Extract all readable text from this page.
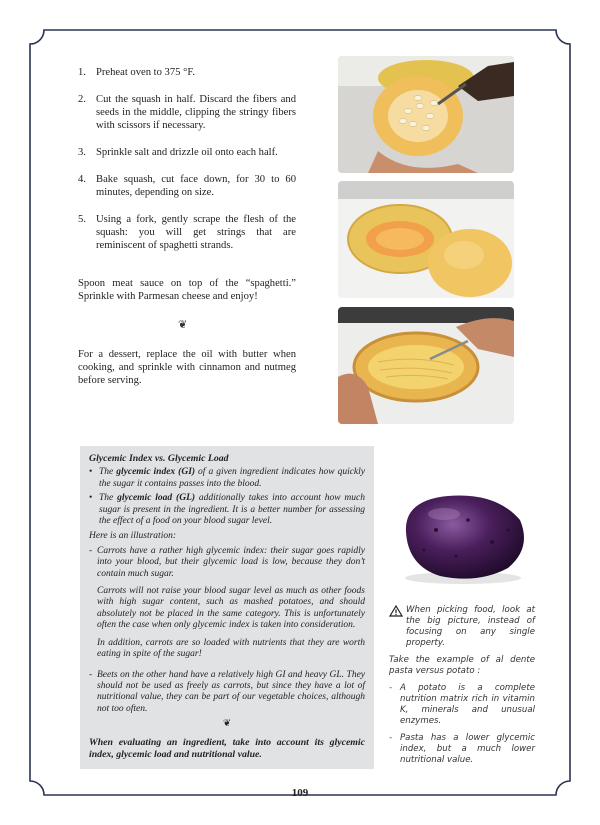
1. Preheat oven to 375 °F.
2. Cut the squash in half. Discard the fibers and seeds in the middle, clipping the stringy fibers with scissors if necessary.
3. Sprinkle salt and drizzle oil onto each half.
4. Bake squash, cut face down, for 30 to 60 minutes, depending on size.
5. Using a fork, gently scrape the flesh of the squash: you will get strings that are reminiscent of spaghetti strands.

Spoon meat sauce on top of the “spaghetti.” Sprinkle with Parmesan cheese and enjoy!

❦

For a dessert, replace the oil with butter when cooking, and sprinkle with cinnamon and nutmeg before serving.

Glycemic Index vs. Glycemic Load
• The glycemic index (GI) of a given ingredient indicates how quickly the sugar it contains passes into the blood.
• The glycemic load (GL) additionally takes into account how much sugar is present in the ingredient. It is a better number for assessing the effect of a food on your blood sugar level.
Here is an illustration:
- Carrots have a rather high glycemic index: their sugar goes rapidly into your blood, but their glycemic load is low, because they don’t contain much sugar.

Carrots will not raise your blood sugar level as much as other foods with high sugar content, such as mashed potatoes, and should absolutely not be placed in the same category. This is unfortunately often the case when only glycemic index is taken into consideration.

In addition, carrots are so loaded with nutrients that they are worth eating in spite of the sugar!

- Beets on the other hand have a relatively high GI and heavy GL. They should not be used as freely as carrots, but since they have a lot of nutritional value, they can be part of our vegetable choices, although not too often.

❦
When evaluating an ingredient, take into account its glycemic index, glycemic load and nutritional value.
When picking food, look at the big picture, instead of focusing on any single property.
Take the example of al dente pasta versus potato :
- A potato is a complete nutrition matrix rich in vitamin K, minerals and unusual enzymes.
- Pasta has a lower glycemic index, but a much lower nutritional value.
109
